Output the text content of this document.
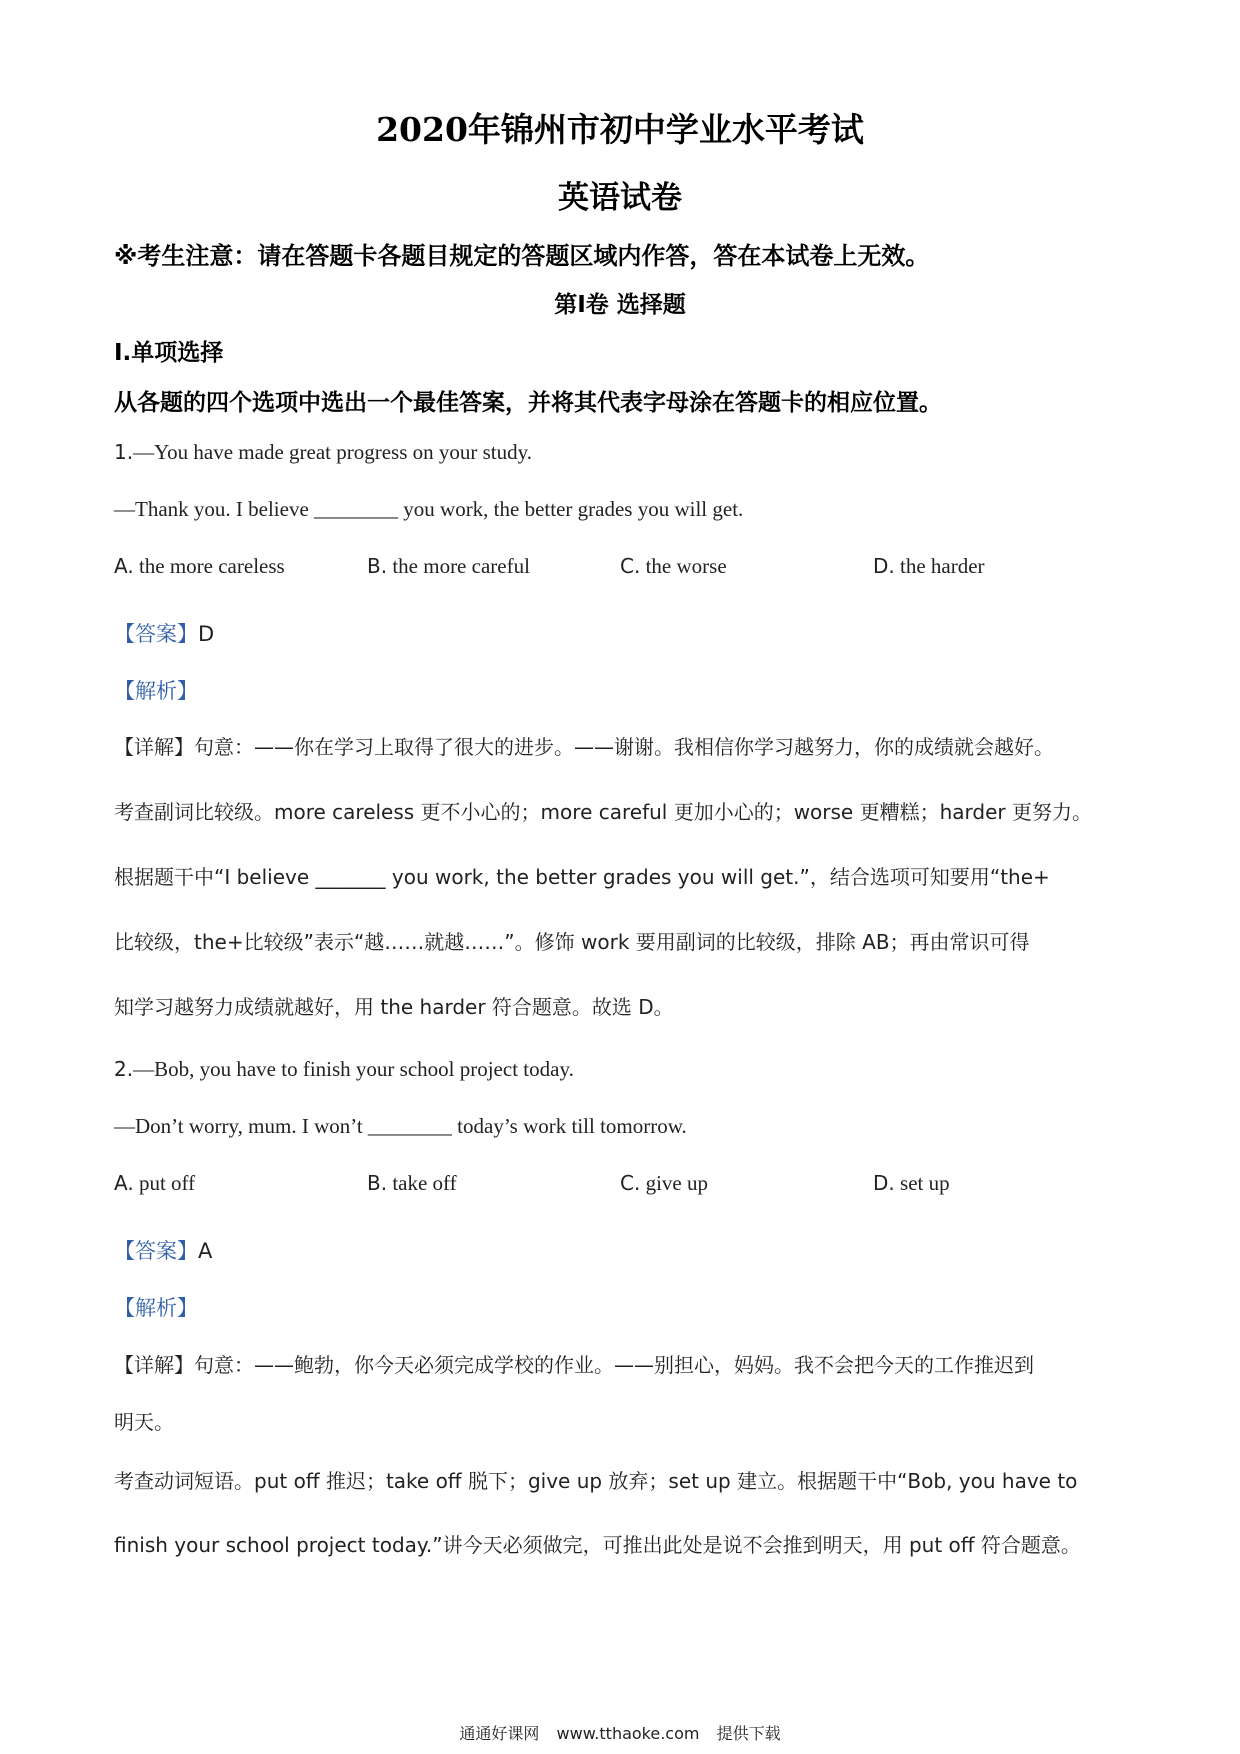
2020年锦州市初中学业水平考试
英语试卷
※考生注意：请在答题卡各题目规定的答题区域内作答，答在本试卷上无效。
第Ⅰ卷 选择题
Ⅰ.单项选择
从各题的四个选项中选出一个最佳答案，并将其代表字母涂在答题卡的相应位置。
1.—You have made great progress on your study.
—Thank you. I believe ________ you work, the better grades you will get.
A. the more careless	B. the more careful	C. the worse	D. the harder
【答案】D
【解析】
【详解】句意：——你在学习上取得了很大的进步。——谢谢。我相信你学习越努力，你的成绩就会越好。
考查副词比较级。more careless 更不小心的；more careful 更加小心的；worse 更糟糕；harder 更努力。
根据题干中“I believe _______ you work, the better grades you will get.”，结合选项可知要用“the+
比较级，the+比较级”表示“越……就越……”。修饰 work 要用副词的比较级，排除 AB；再由常识可得
知学习越努力成绩就越好，用 the harder 符合题意。故选 D。
2.—Bob, you have to finish your school project today.
—Don’t worry, mum. I won’t ________ today’s work till tomorrow.
A. put off	B. take off	C. give up	D. set up
【答案】A
【解析】
【详解】句意：——鲍勃，你今天必须完成学校的作业。——别担心，妈妈。我不会把今天的工作推迟到
明天。
考查动词短语。put off 推迟；take off 脱下；give up 放弃；set up 建立。根据题干中“Bob, you have to
finish your school project today.”讲今天必须做完，可推出此处是说不会推到明天，用 put off 符合题意。
通通好课网 www.tthaoke.com 提供下载
